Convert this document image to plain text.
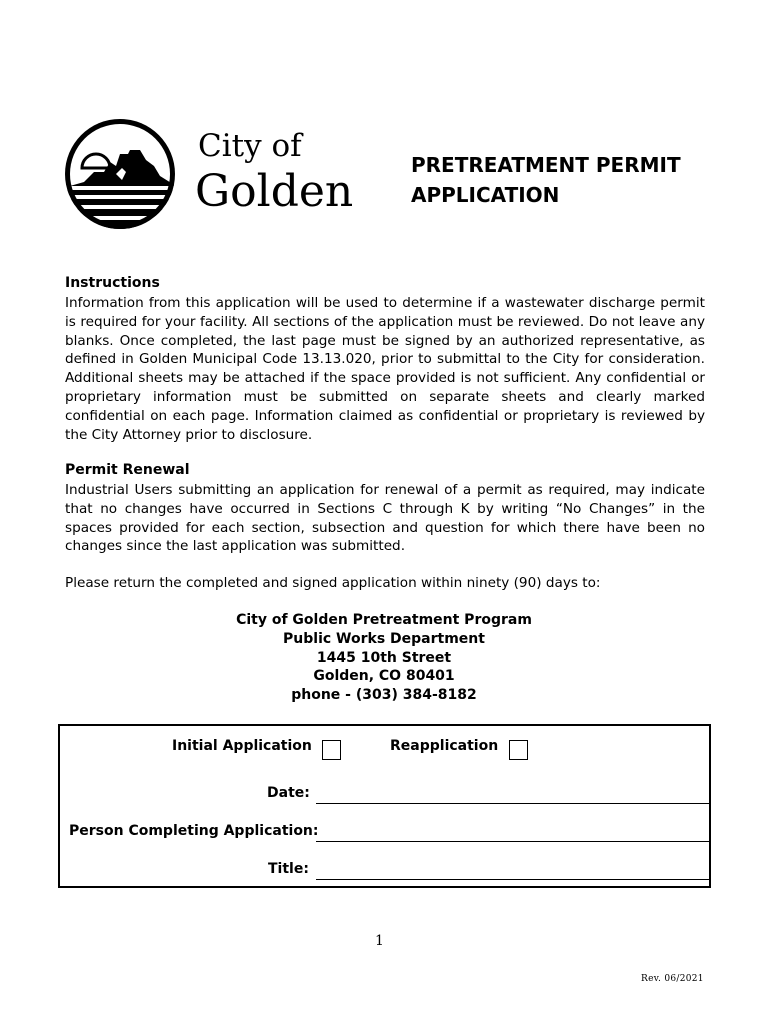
City of
Golden
PRETREATMENT PERMIT
APPLICATION
Instructions
Information from this application will be used to determine if a wastewater discharge permit is required for your facility. All sections of the application must be reviewed. Do not leave any blanks. Once completed, the last page must be signed by an authorized representative, as defined in Golden Municipal Code 13.13.020, prior to submittal to the City for consideration. Additional sheets may be attached if the space provided is not sufficient. Any confidential or proprietary information must be submitted on separate sheets and clearly marked confidential on each page. Information claimed as confidential or proprietary is reviewed by the City Attorney prior to disclosure.
Permit Renewal
Industrial Users submitting an application for renewal of a permit as required, may indicate that no changes have occurred in Sections C through K by writing “No Changes” in the spaces provided for each section, subsection and question for which there have been no changes since the last application was submitted.
Please return the completed and signed application within ninety (90) days to:
City of Golden Pretreatment Program
Public Works Department
1445 10th Street
Golden, CO 80401
phone - (303) 384-8182
Initial Application	Reapplication
Date:
Person Completing Application:
Title:
1
Rev. 06/2021
